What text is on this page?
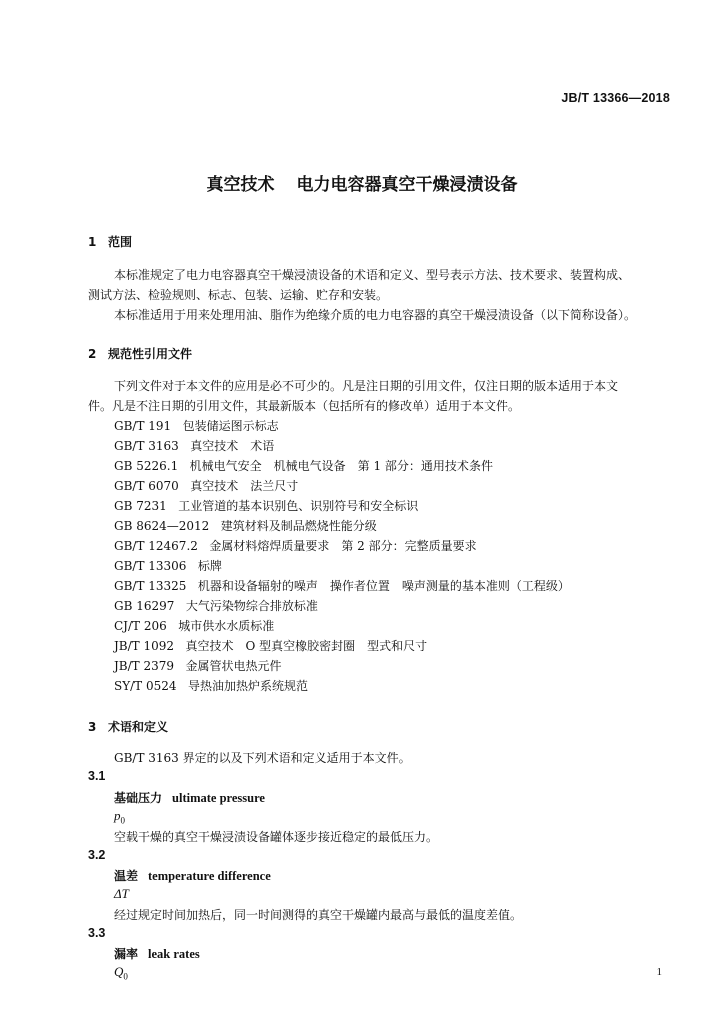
JB/T 13366—2018
真空技术 电力电容器真空干燥浸渍设备
1 范围
本标准规定了电力电容器真空干燥浸渍设备的术语和定义、型号表示方法、技术要求、装置构成、
测试方法、检验规则、标志、包装、运输、贮存和安装。
本标准适用于用来处理用油、脂作为绝缘介质的电力电容器的真空干燥浸渍设备（以下简称设备）。
2 规范性引用文件
下列文件对于本文件的应用是必不可少的。凡是注日期的引用文件，仅注日期的版本适用于本文
件。凡是不注日期的引用文件，其最新版本（包括所有的修改单）适用于本文件。
GB/T 191 包装储运图示标志
GB/T 3163 真空技术　术语
GB 5226.1 机械电气安全　机械电气设备　第 1 部分：通用技术条件
GB/T 6070 真空技术　法兰尺寸
GB 7231 工业管道的基本识别色、识别符号和安全标识
GB 8624—2012 建筑材料及制品燃烧性能分级
GB/T 12467.2 金属材料熔焊质量要求　第 2 部分：完整质量要求
GB/T 13306 标牌
GB/T 13325 机器和设备辐射的噪声　操作者位置　噪声测量的基本准则（工程级）
GB 16297 大气污染物综合排放标准
CJ/T 206 城市供水水质标准
JB/T 1092 真空技术　O 型真空橡胶密封圈　型式和尺寸
JB/T 2379 金属管状电热元件
SY/T 0524 导热油加热炉系统规范
3 术语和定义
GB/T 3163 界定的以及下列术语和定义适用于本文件。
3.1
基础压力 ultimate pressure
$p_0$
空载干燥的真空干燥浸渍设备罐体逐步接近稳定的最低压力。
3.2
温差 temperature difference
ΔT
经过规定时间加热后，同一时间测得的真空干燥罐内最高与最低的温度差值。
3.3
漏率 leak rates
$Q_0$	1
